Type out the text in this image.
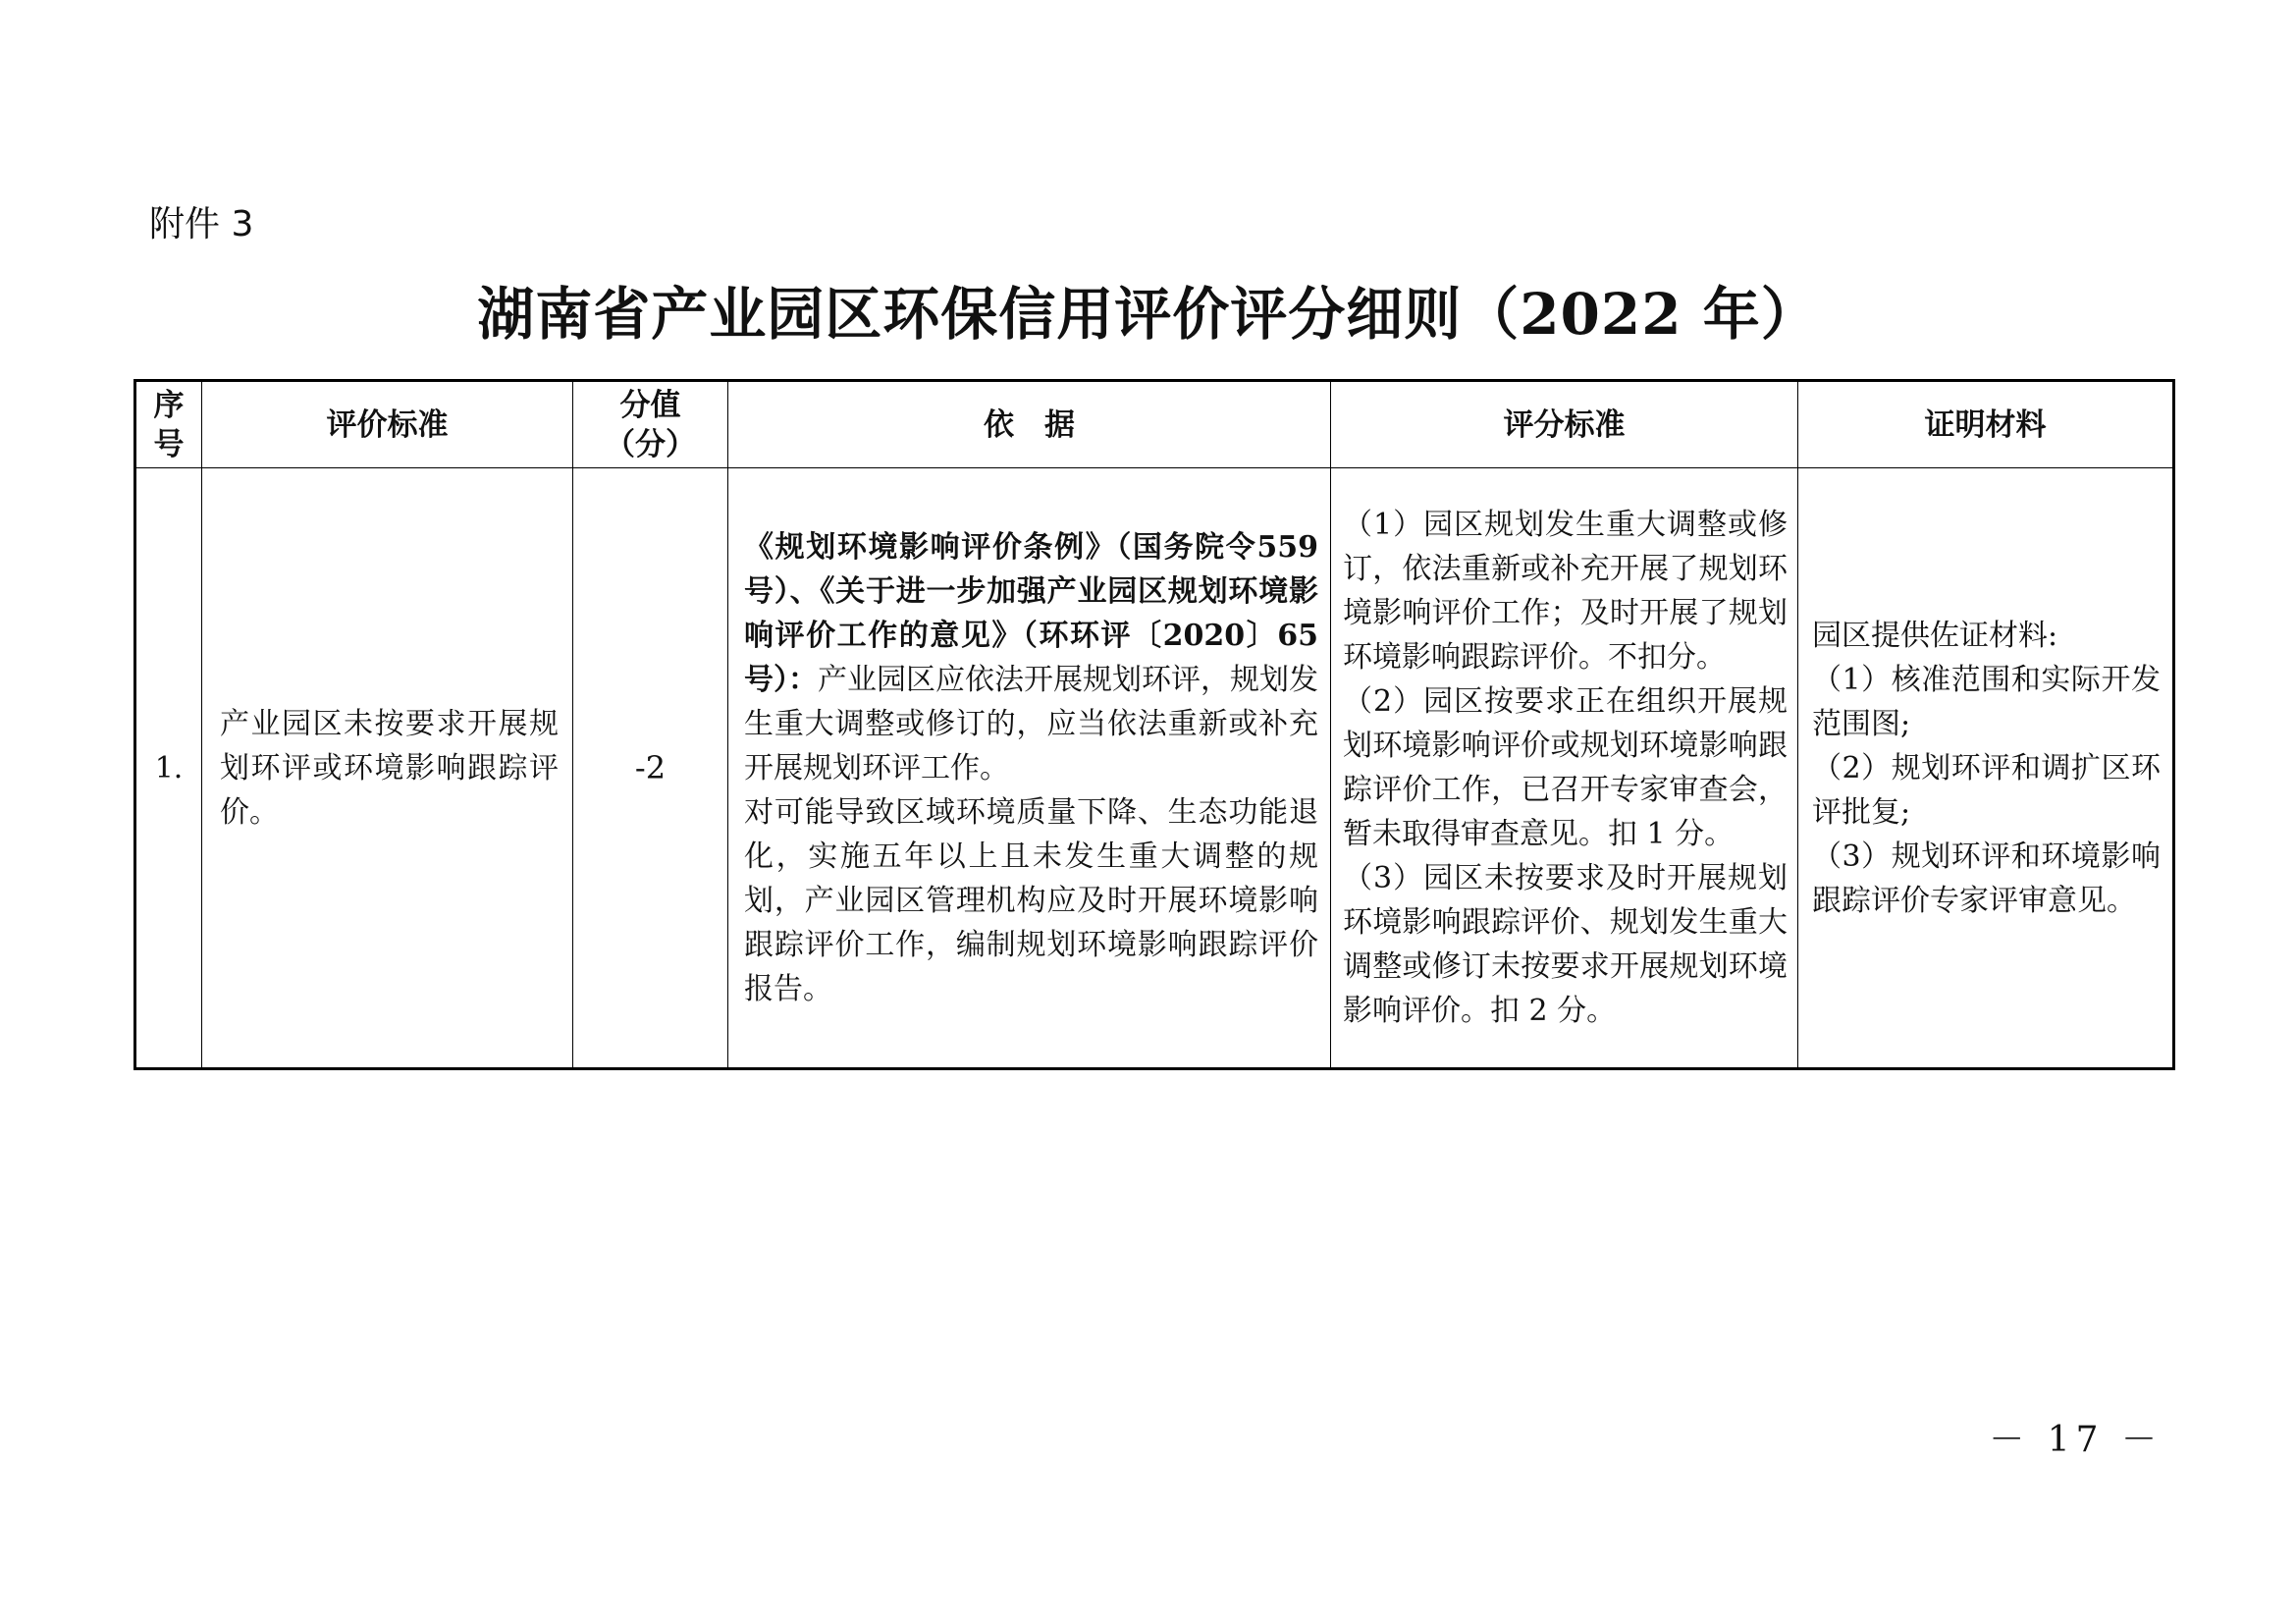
附件 3
湖南省产业园区环保信用评价评分细则（2022 年）
序号	评价标准	分值（分）	依　据	评分标准	证明材料
1.	产业园区未按要求开展规划环评或环境影响跟踪评价。	-2	《规划环境影响评价条例》（国务院令559号）、《关于进一步加强产业园区规划环境影响评价工作的意见》（环环评〔2020〕65号）：产业园区应依法开展规划环评，规划发生重大调整或修订的，应当依法重新或补充开展规划环评工作。
对可能导致区域环境质量下降、生态功能退化，实施五年以上且未发生重大调整的规划，产业园区管理机构应及时开展环境影响跟踪评价工作，编制规划环境影响跟踪评价报告。	（1）园区规划发生重大调整或修订，依法重新或补充开展了规划环境影响评价工作；及时开展了规划环境影响跟踪评价。不扣分。
（2）园区按要求正在组织开展规划环境影响评价或规划环境影响跟踪评价工作，已召开专家审查会，暂未取得审查意见。扣 1 分。
（3）园区未按要求及时开展规划环境影响跟踪评价、规划发生重大调整或修订未按要求开展规划环境影响评价。扣 2 分。	园区提供佐证材料:
（1）核准范围和实际开发范围图;
（2）规划环评和调扩区环评批复;
（3）规划环评和环境影响跟踪评价专家评审意见。
－ 17 －
